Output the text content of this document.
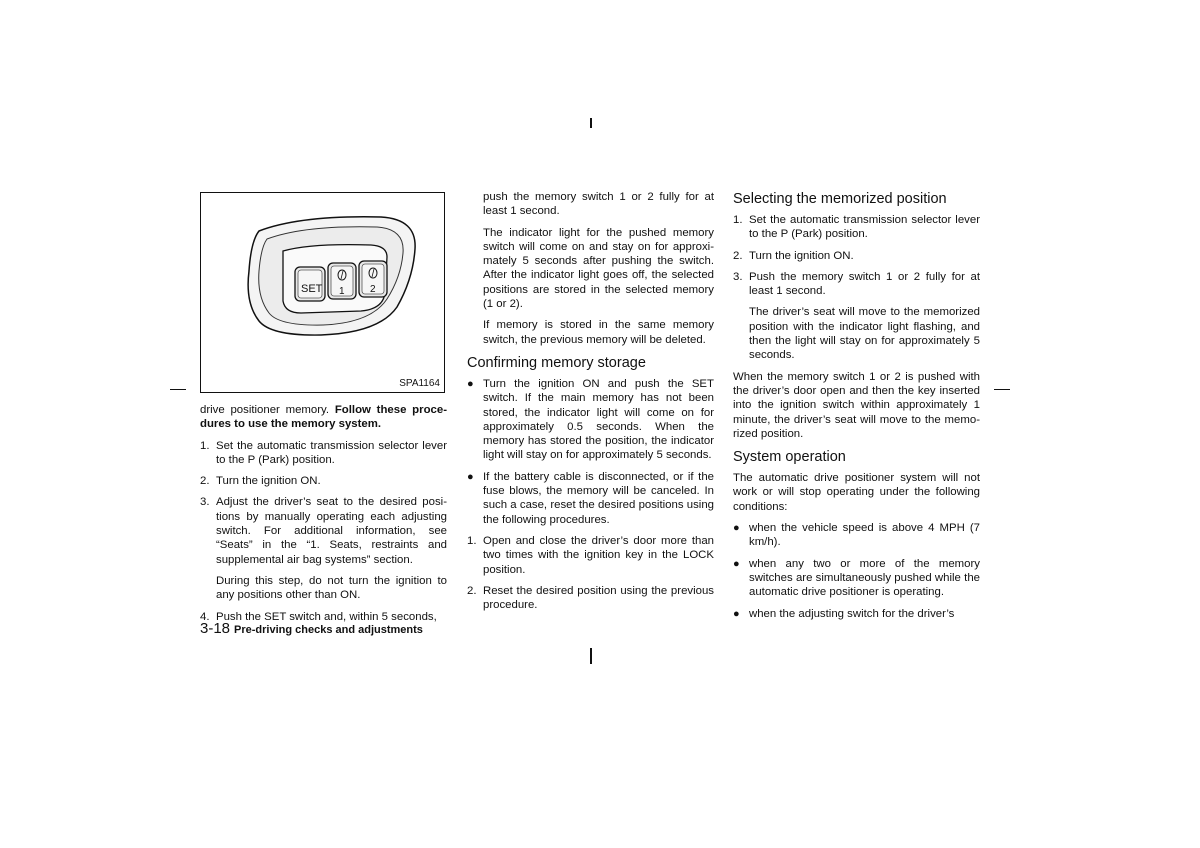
SET 1	2
SPA1164

drive positioner memory. Follow these proce-dures to use the memory system.

1. Set the automatic transmission selector lever to the P (Park) position.
2. Turn the ignition ON.
3. Adjust the driver’s seat to the desired posi-tions by manually operating each adjusting switch. For additional information, see “Seats” in the “1. Seats, restraints and supplemental air bag systems” section.
During this step, do not turn the ignition to any positions other than ON.
4. Push the SET switch and, within 5 seconds,
push the memory switch 1 or 2 fully for at least 1 second.
The indicator light for the pushed memory switch will come on and stay on for approxi-mately 5 seconds after pushing the switch. After the indicator light goes off, the selected positions are stored in the selected memory (1 or 2).
If memory is stored in the same memory switch, the previous memory will be deleted.
Confirming memory storage
● Turn the ignition ON and push the SET switch. If the main memory has not been stored, the indicator light will come on for approximately 0.5 seconds. When the memory has stored the position, the indicator light will stay on for approximately 5 seconds.
● If the battery cable is disconnected, or if the fuse blows, the memory will be canceled. In such a case, reset the desired positions using the following procedures.
1. Open and close the driver’s door more than two times with the ignition key in the LOCK position.
2. Reset the desired position using the previous procedure.
Selecting the memorized position
1. Set the automatic transmission selector lever to the P (Park) position.
2. Turn the ignition ON.
3. Push the memory switch 1 or 2 fully for at least 1 second.
The driver’s seat will move to the memorized position with the indicator light flashing, and then the light will stay on for approximately 5 seconds.

When the memory switch 1 or 2 is pushed with the driver’s door open and then the key inserted into the ignition switch within approximately 1 minute, the driver’s seat will move to the memo-rized position.

System operation

The automatic drive positioner system will not work or will stop operating under the following conditions:

● when the vehicle speed is above 4 MPH (7 km/h).
● when any two or more of the memory switches are simultaneously pushed while the automatic drive positioner is operating.
● when the adjusting switch for the driver’s
3-18 Pre-driving checks and adjustments
